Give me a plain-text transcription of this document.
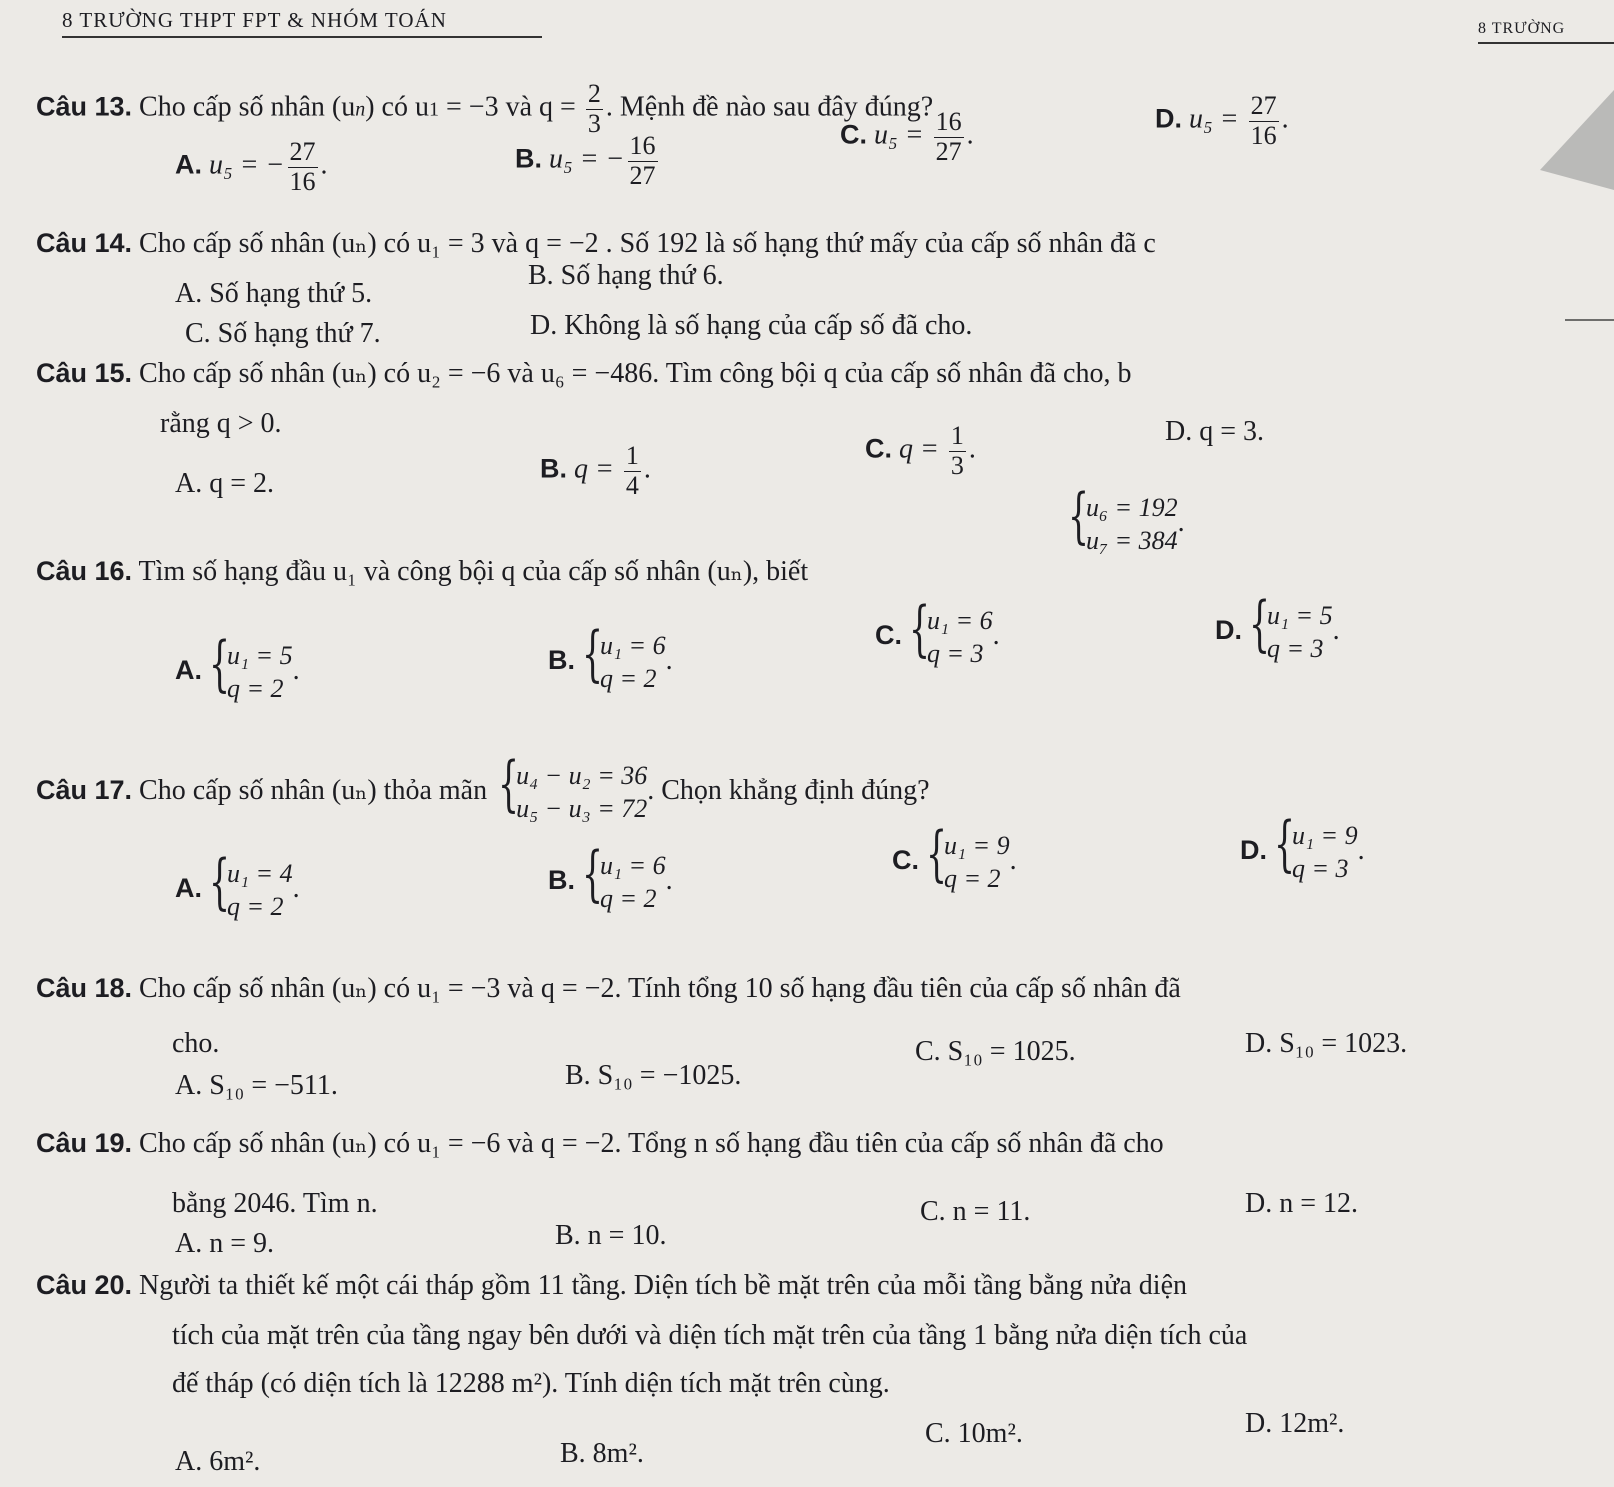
8 TRƯỜNG THPT FPT & NHÓM TOÁN	8 TRƯỜNG
Câu 13. Cho cấp số nhân (un) có u1 = −3 và $q = \frac{2}{3}$ . Mệnh đề nào sau đây đúng?
A. u₅ = − $\frac{27}{16}$ .	B. u₅ = − $\frac{16}{27}$	C. $u_5 = \frac{16}{27}$ .
D. $u_5 = \frac{27}{16}$ .
Câu 14. Cho cấp số nhân (uₙ) có u₁ = 3 và q = −2 . Số 192 là số hạng thứ mấy của cấp số nhân đã c
A. Số hạng thứ 5.
B. Số hạng thứ 6.
C. Số hạng thứ 7.	D. Không là số hạng của cấp số đã cho.
Câu 15. Cho cấp số nhân (uₙ) có u₂ = −6 và u₆ = −486. Tìm công bội q của cấp số nhân đã cho, b
rằng q > 0.
A. q = 2.	B. $q = \frac{1}{4}$ .
C. $q = \frac{1}{3}$ .
D. q = 3.
Câu 16. Tìm số hạng đầu u₁ và công bội q của cấp số nhân (uₙ), biết
{
u₆ = 192
u₇ = 384
.
A. {
u₁ = 5
q = 2
.	B. {
u₁ = 6
q = 2
.
C. {
u₁ = 6
q = 3
.	D. {
u₁ = 5
q = 3
.
Câu 17. Cho cấp số nhân (uₙ) thỏa mãn {
u₄ − u₂ = 36
u₅ − u₃ = 72
. Chọn khẳng định đúng?
A. {
u₁ = 4
q = 2
.	B. {
u₁ = 6
q = 2
.
C. {
u₁ = 9
q = 2
.	D. {
u₁ = 9
q = 3
.
Câu 18. Cho cấp số nhân (uₙ) có u₁ = −3 và q = −2. Tính tổng 10 số hạng đầu tiên của cấp số nhân đã
cho.
A. S₁₀ = −511.	B. S₁₀ = −1025.
C. S₁₀ = 1025.	D. S₁₀ = 1023.
Câu 19. Cho cấp số nhân (uₙ) có u₁ = −6 và q = −2. Tổng n số hạng đầu tiên của cấp số nhân đã cho
bằng 2046. Tìm n.
A. n = 9.	B. n = 10.
C. n = 11.	D. n = 12.
Câu 20. Người ta thiết kế một cái tháp gồm 11 tầng. Diện tích bề mặt trên của mỗi tầng bằng nửa diện
tích của mặt trên của tầng ngay bên dưới và diện tích mặt trên của tầng 1 bằng nửa diện tích của
đế tháp (có diện tích là 12288 m²). Tính diện tích mặt trên cùng.
A. 6m².	B. 8m².
C. 10m².	D. 12m².
